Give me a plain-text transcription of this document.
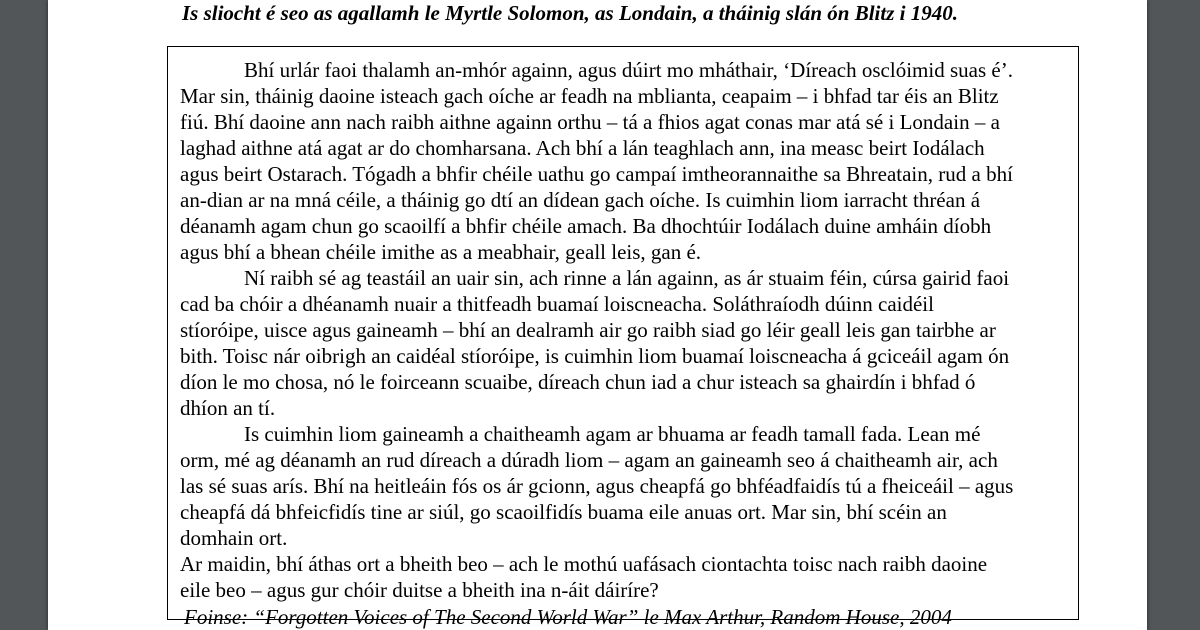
Is sliocht é seo as agallamh le Myrtle Solomon, as Londain, a tháinig slán ón Blitz i 1940.

Bhí urlár faoi thalamh an-mhór againn, agus dúirt mo mháthair, ‘Díreach osclóimid suas é’.
Mar sin, tháinig daoine isteach gach oíche ar feadh na mblianta, ceapaim – i bhfad tar éis an Blitz
fiú. Bhí daoine ann nach raibh aithne againn orthu – tá a fhios agat conas mar atá sé i Londain – a
laghad aithne atá agat ar do chomharsana. Ach bhí a lán teaghlach ann, ina measc beirt Iodálach
agus beirt Ostarach. Tógadh a bhfir chéile uathu go campaí imtheorannaithe sa Bhreatain, rud a bhí
an-dian ar na mná céile, a tháinig go dtí an dídean gach oíche. Is cuimhin liom iarracht thréan á
déanamh agam chun go scaoilfí a bhfir chéile amach. Ba dhochtúir Iodálach duine amháin díobh
agus bhí a bhean chéile imithe as a meabhair, geall leis, gan é.

Ní raibh sé ag teastáil an uair sin, ach rinne a lán againn, as ár stuaim féin, cúrsa gairid faoi
cad ba chóir a dhéanamh nuair a thitfeadh buamaí loiscneacha. Soláthraíodh dúinn caidéil
stíoróipe, uisce agus gaineamh – bhí an dealramh air go raibh siad go léir geall leis gan tairbhe ar
bith. Toisc nár oibrigh an caidéal stíoróipe, is cuimhin liom buamaí loiscneacha á gciceáil agam ón
díon le mo chosa, nó le foirceann scuaibe, díreach chun iad a chur isteach sa ghairdín i bhfad ó
dhíon an tí.

Is cuimhin liom gaineamh a chaitheamh agam ar bhuama ar feadh tamall fada. Lean mé
orm, mé ag déanamh an rud díreach a dúradh liom – agam an gaineamh seo á chaitheamh air, ach
las sé suas arís. Bhí na heitleáin fós os ár gcionn, agus cheapfá go bhféadfaidís tú a fheiceáil – agus
cheapfá dá bhfeicfidís tine ar siúl, go scaoilfidís buama eile anuas ort. Mar sin, bhí scéin an
domhain ort.

Ar maidin, bhí áthas ort a bheith beo – ach le mothú uafásach ciontachta toisc nach raibh daoine
eile beo – agus gur chóir duitse a bheith ina n-áit dáiríre?

Foinse: “Forgotten Voices of The Second World War” le Max Arthur, Random House, 2004
